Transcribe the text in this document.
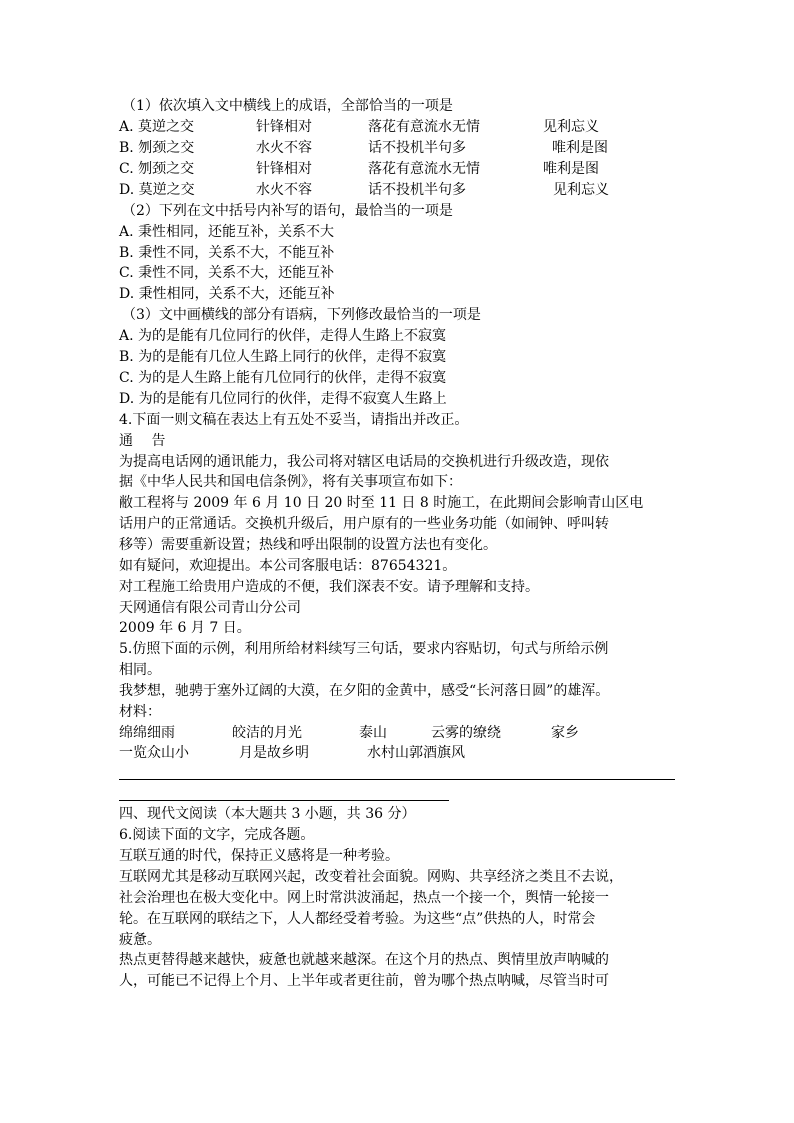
（1）依次填入文中横线上的成语，全部恰当的一项是
A. 莫逆之交	针锋相对	落花有意流水无情	见利忘义
B. 刎颈之交	水火不容	话不投机半句多	唯利是图
C. 刎颈之交	针锋相对	落花有意流水无情	唯利是图
D. 莫逆之交	水火不容	话不投机半句多	见利忘义
（2）下列在文中括号内补写的语句，最恰当的一项是
A. 秉性相同，还能互补，关系不大
B. 秉性不同，关系不大，不能互补
C. 秉性不同，关系不大，还能互补
D. 秉性相同，关系不大，还能互补
（3）文中画横线的部分有语病，下列修改最恰当的一项是
A. 为的是能有几位同行的伙伴，走得人生路上不寂寞
B. 为的是能有几位人生路上同行的伙伴，走得不寂寞
C. 为的是人生路上能有几位同行的伙伴，走得不寂寞
D. 为的是能有几位同行的伙伴，走得不寂寞人生路上
4.下面一则文稿在表达上有五处不妥当，请指出并改正。
通　 告
为提高电话网的通讯能力，我公司将对辖区电话局的交换机进行升级改造，现依
据《中华人民共和国电信条例》，将有关事项宣布如下：
敝工程将与 2009 年 6 月 10 日 20 时至 11 日 8 时施工，在此期间会影响青山区电
话用户的正常通话。交换机升级后，用户原有的一些业务功能（如闹钟、呼叫转
移等）需要重新设置；热线和呼出限制的设置方法也有变化。
如有疑问，欢迎提出。本公司客服电话：87654321。
对工程施工给贵用户造成的不便，我们深表不安。请予理解和支持。
天网通信有限公司青山分公司
2009 年 6 月 7 日。
5.仿照下面的示例，利用所给材料续写三句话，要求内容贴切，句式与所给示例
相同。
我梦想，驰骋于塞外辽阔的大漠，在夕阳的金黄中，感受“长河落日圆”的雄浑。
材料：
绵绵细雨	皎洁的月光	泰山	云雾的缭绕	家乡
一览众山小	月是故乡明	水村山郭酒旗风
四、现代文阅读（本大题共 3 小题，共 36 分）
6.阅读下面的文字，完成各题。
互联互通的时代，保持正义感将是一种考验。
互联网尤其是移动互联网兴起，改变着社会面貌。网购、共享经济之类且不去说，
社会治理也在极大变化中。网上时常洪波涌起，热点一个接一个，舆情一轮接一
轮。在互联网的联结之下，人人都经受着考验。为这些“点”供热的人，时常会
疲惫。
热点更替得越来越快，疲惫也就越来越深。在这个月的热点、舆情里放声呐喊的
人，可能已不记得上个月、上半年或者更往前，曾为哪个热点呐喊，尽管当时可
